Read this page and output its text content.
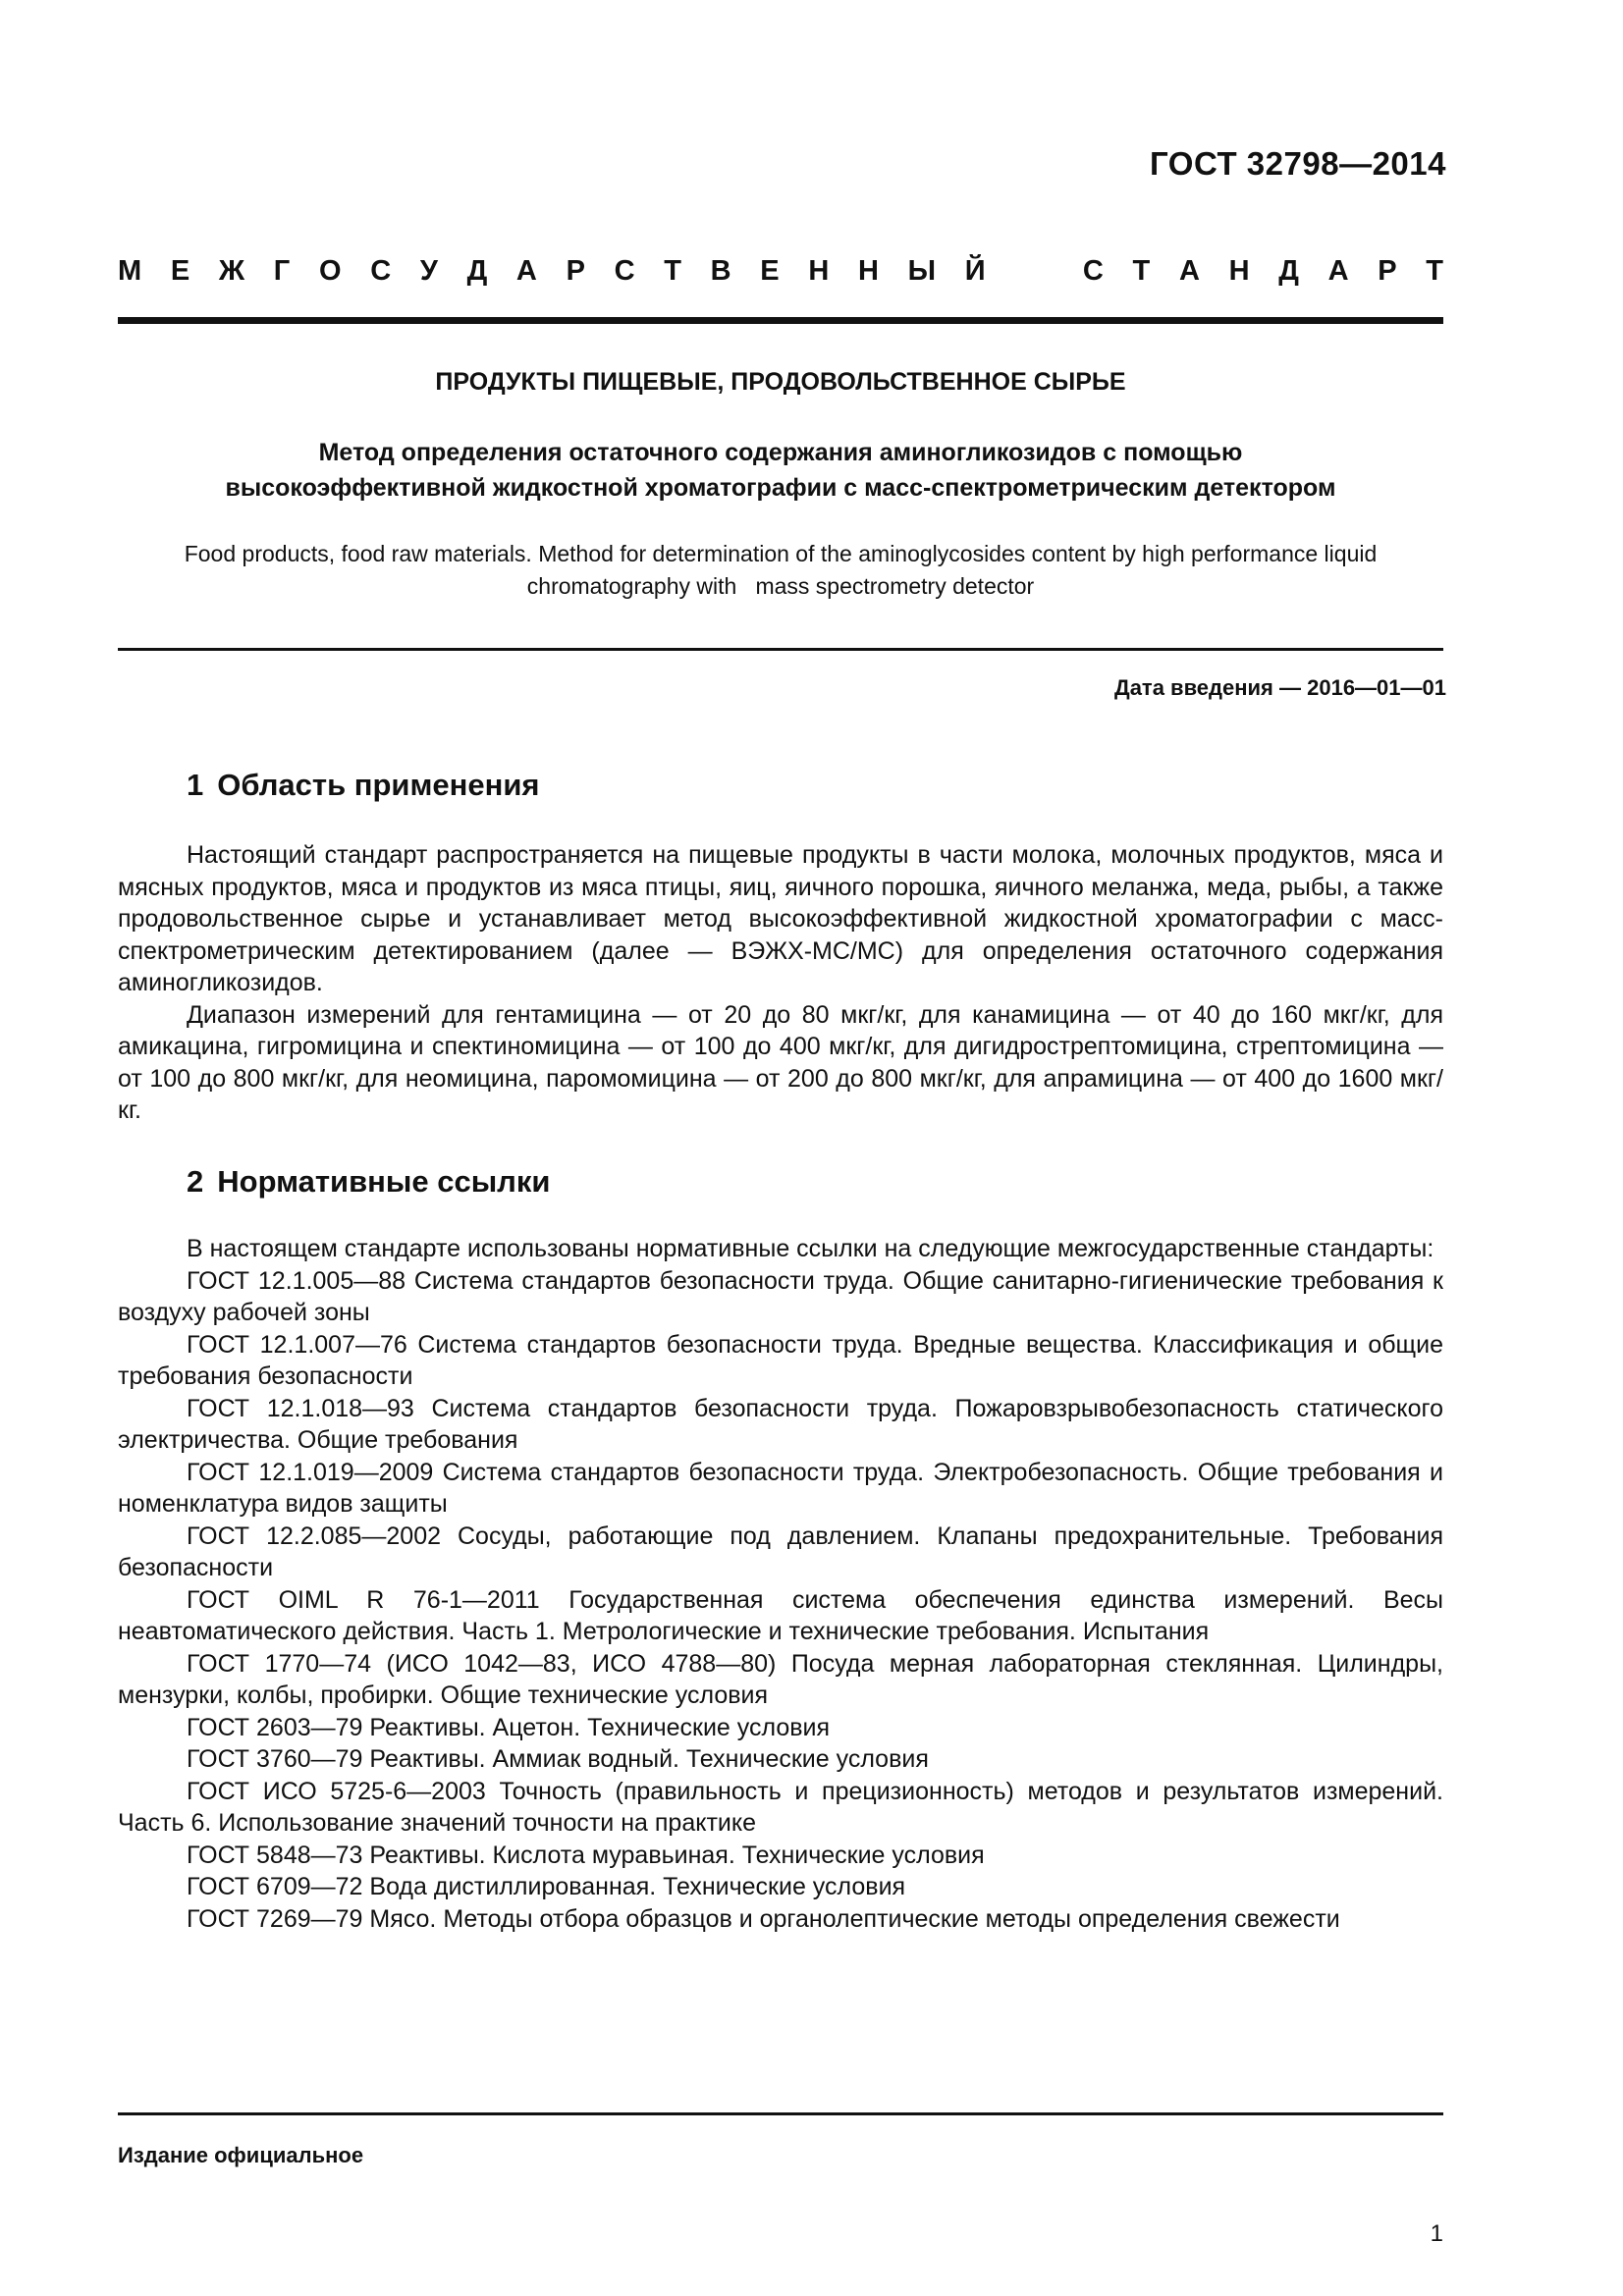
ГОСТ 32798—2014
М Е Ж Г О С У Д А Р С Т В Е Н Н Ы Й	С Т А Н Д А Р Т
ПРОДУКТЫ ПИЩЕВЫЕ, ПРОДОВОЛЬСТВЕННОЕ СЫРЬЕ
Метод определения остаточного содержания аминогликозидов с помощью
высокоэффективной жидкостной хроматографии с масс-спектрометрическим детектором
Food products, food raw materials. Method for determination of the aminoglycosides content by high performance liquid
chromatography with   mass spectrometry detector
Дата введения — 2016—01—01
1 Область применения

Настоящий стандарт распространяется на пищевые продукты в части молока, молочных продуктов, мяса и мясных продуктов, мяса и продуктов из мяса птицы, яиц, яичного порошка, яичного меланжа, меда, рыбы, а также продовольственное сырье и устанавливает метод высокоэффективной жидкостной хроматографии с масс-спектрометрическим детектированием (далее — ВЭЖХ-МС/МС) для определения остаточного содержания аминогликозидов.

Диапазон измерений для гентамицина — от 20 до 80 мкг/кг, для канамицина — от 40 до 160 мкг/кг, для амикацина, гигромицина и спектиномицина — от 100 до 400 мкг/кг, для дигидрострептомицина, стрептомицина — от 100 до 800 мкг/кг, для неомицина, паромомицина — от 200 до 800 мкг/кг, для апрамицина — от 400 до 1600 мкг/кг.

2 Нормативные ссылки

В настоящем стандарте использованы нормативные ссылки на следующие межгосударственные стандарты:

ГОСТ 12.1.005—88 Система стандартов безопасности труда. Общие санитарно-гигиенические требования к воздуху рабочей зоны

ГОСТ 12.1.007—76 Система стандартов безопасности труда. Вредные вещества. Классификация и общие требования безопасности

ГОСТ 12.1.018—93 Система стандартов безопасности труда. Пожаровзрывобезопасность статического электричества. Общие требования

ГОСТ 12.1.019—2009 Система стандартов безопасности труда. Электробезопасность. Общие требования и номенклатура видов защиты

ГОСТ 12.2.085—2002 Сосуды, работающие под давлением. Клапаны предохранительные. Требования безопасности

ГОСТ OIML R 76-1—2011 Государственная система обеспечения единства измерений. Весы неавтоматического действия. Часть 1. Метрологические и технические требования. Испытания

ГОСТ 1770—74 (ИСО 1042—83, ИСО 4788—80) Посуда мерная лабораторная стеклянная. Цилиндры, мензурки, колбы, пробирки. Общие технические условия

ГОСТ 2603—79 Реактивы. Ацетон. Технические условия

ГОСТ 3760—79 Реактивы. Аммиак водный. Технические условия

ГОСТ ИСО 5725-6—2003 Точность (правильность и прецизионность) методов и результатов измерений. Часть 6. Использование значений точности на практике

ГОСТ 5848—73 Реактивы. Кислота муравьиная. Технические условия

ГОСТ 6709—72 Вода дистиллированная. Технические условия

ГОСТ 7269—79 Мясо. Методы отбора образцов и органолептические методы определения свежести

Издание официальное
1
